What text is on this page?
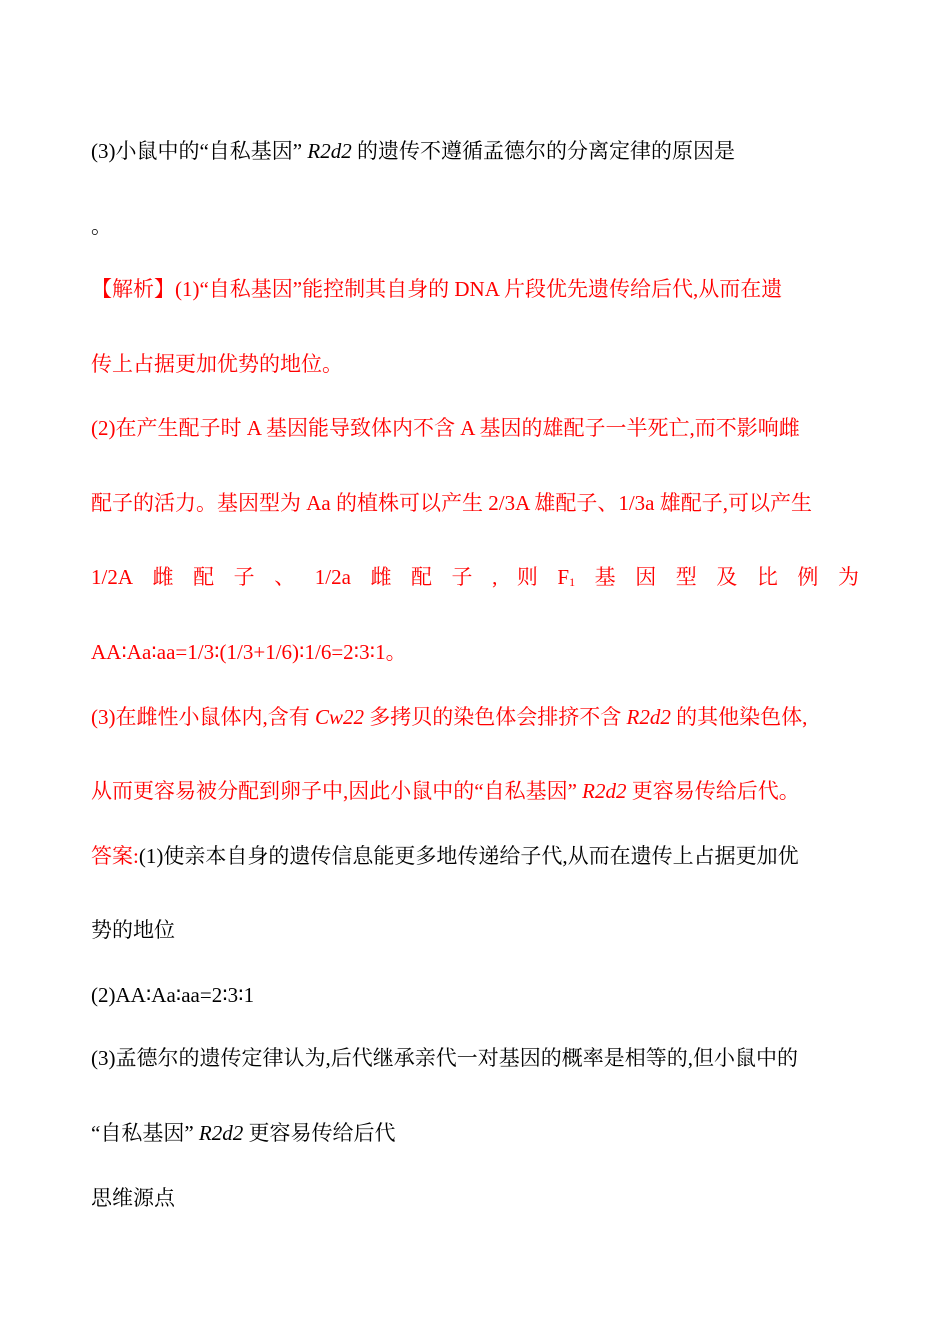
(3)小鼠中的“自私基因” R2d2 的遗传不遵循孟德尔的分离定律的原因是
。
【解析】(1)“自私基因”能控制其自身的 DNA 片段优先遗传给后代,从而在遗
传上占据更加优势的地位。
(2)在产生配子时 A 基因能导致体内不含 A 基因的雄配子一半死亡,而不影响雌
配子的活力。基因型为 Aa 的植株可以产生 2/3A 雄配子、1/3a 雄配子,可以产生
1/2A 雌 配 子 、 1/2a 雌 配 子 , 则 $F_1$ 基 因 型 及 比 例 为
AA∶Aa∶aa=1/3∶(1/3+1/6)∶1/6=2∶3∶1。
(3)在雌性小鼠体内,含有 Cw22 多拷贝的染色体会排挤不含 R2d2 的其他染色体,
从而更容易被分配到卵子中,因此小鼠中的“自私基因” R2d2 更容易传给后代。
答案:(1)使亲本自身的遗传信息能更多地传递给子代,从而在遗传上占据更加优
势的地位
(2)AA∶Aa∶aa=2∶3∶1
(3)孟德尔的遗传定律认为,后代继承亲代一对基因的概率是相等的,但小鼠中的
“自私基因” R2d2 更容易传给后代
思维源点
